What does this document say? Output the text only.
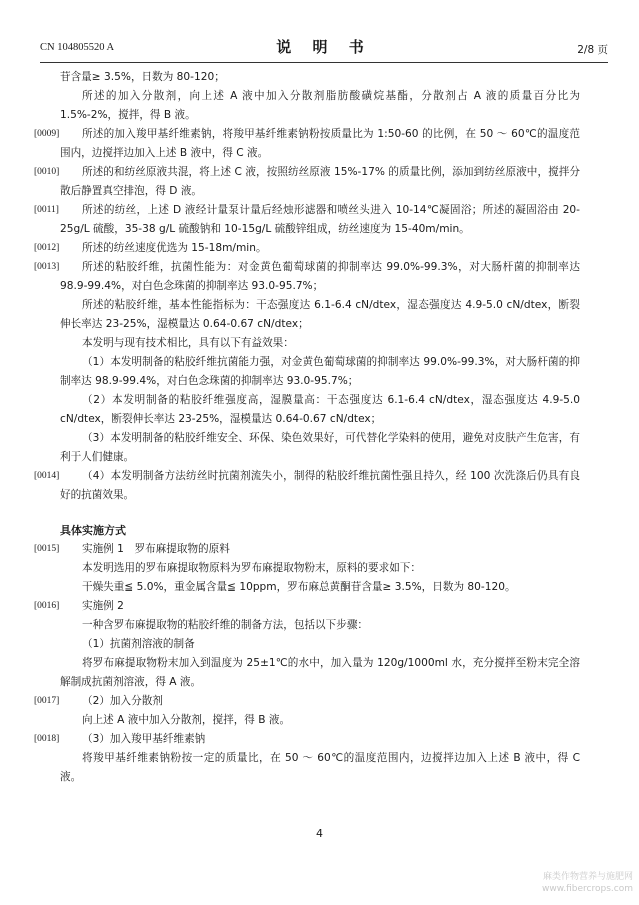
CN 104805520 A	说 明 书	2/8 页

苷含量≥ 3.5%，日数为 80-120；

所述的加入分散剂，向上述 A 液中加入分散剂脂肪酸磺烷基酯，分散剂占 A 液的质量百分比为 1.5%-2%，搅拌，得 B 液。

[0009] 所述的加入羧甲基纤维素钠，将羧甲基纤维素钠粉按质量比为 1:50-60 的比例，在 50 ～ 60℃的温度范围内，边搅拌边加入上述 B 液中，得 C 液。

[0010] 所述的和纺丝原液共混，将上述 C 液，按照纺丝原液 15%-17% 的质量比例，添加到纺丝原液中，搅拌分散后静置真空排泡，得 D 液。

[0011] 所述的纺丝，上述 D 液经计量泵计量后经烛形滤器和喷丝头进入 10-14℃凝固浴；所述的凝固浴由 20-25g/L 硫酸，35-38 g/L 硫酸钠和 10-15g/L 硫酸锌组成，纺丝速度为 15-40m/min。

[0012] 所述的纺丝速度优选为 15-18m/min。

[0013] 所述的粘胶纤维，抗菌性能为：对金黄色葡萄球菌的抑制率达 99.0%-99.3%，对大肠杆菌的抑制率达 98.9-99.4%，对白色念珠菌的抑制率达 93.0-95.7%；

所述的粘胶纤维，基本性能指标为：干态强度达 6.1-6.4 cN/dtex，湿态强度达 4.9-5.0 cN/dtex，断裂伸长率达 23-25%，湿模量达 0.64-0.67 cN/dtex；

本发明与现有技术相比，具有以下有益效果：

（1）本发明制备的粘胶纤维抗菌能力强，对金黄色葡萄球菌的抑制率达 99.0%-99.3%，对大肠杆菌的抑制率达 98.9-99.4%，对白色念珠菌的抑制率达 93.0-95.7%；

（2）本发明制备的粘胶纤维强度高，湿膜量高：干态强度达 6.1-6.4 cN/dtex，湿态强度达 4.9-5.0 cN/dtex，断裂伸长率达 23-25%，湿模量达 0.64-0.67 cN/dtex；

（3）本发明制备的粘胶纤维安全、环保、染色效果好，可代替化学染料的使用，避免对皮肤产生危害，有利于人们健康。

[0014] （4）本发明制备方法纺丝时抗菌剂流失小，制得的粘胶纤维抗菌性强且持久，经 100 次洗涤后仍具有良好的抗菌效果。

具体实施方式

[0015] 实施例 1　罗布麻提取物的原料

本发明选用的罗布麻提取物原料为罗布麻提取物粉末，原料的要求如下：

干燥失重≦ 5.0%，重金属含量≦ 10ppm，罗布麻总黄酮苷含量≥ 3.5%，日数为 80-120。

[0016] 实施例 2

一种含罗布麻提取物的粘胶纤维的制备方法，包括以下步骤：

（1）抗菌剂溶液的制备

将罗布麻提取物粉末加入到温度为 25±1℃的水中，加入量为 120g/1000ml 水，充分搅拌至粉末完全溶解制成抗菌剂溶液，得 A 液。

[0017] （2）加入分散剂

向上述 A 液中加入分散剂，搅拌，得 B 液。

[0018] （3）加入羧甲基纤维素钠

将羧甲基纤维素钠粉按一定的质量比，在 50 ～ 60℃的温度范围内，边搅拌边加入上述 B 液中，得 C 液。

4
麻类作物营养与施肥网 www.fibercrops.com
